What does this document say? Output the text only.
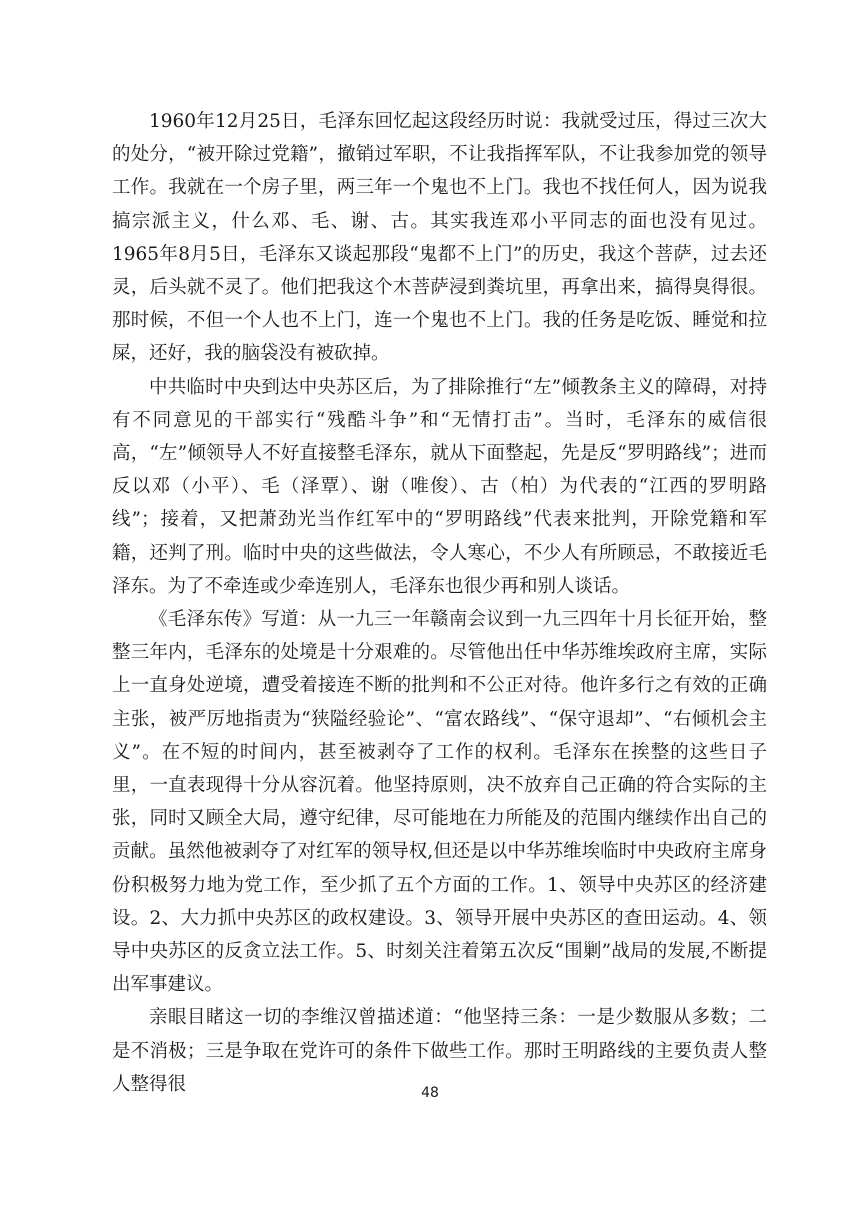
1960年12月25日，毛泽东回忆起这段经历时说：我就受过压，得过三次大的处分，“被开除过党籍”，撤销过军职，不让我指挥军队，不让我参加党的领导工作。我就在一个房子里，两三年一个鬼也不上门。我也不找任何人，因为说我搞宗派主义，什么邓、毛、谢、古。其实我连邓小平同志的面也没有见过。1965年8月5日，毛泽东又谈起那段“鬼都不上门”的历史，我这个菩萨，过去还灵，后头就不灵了。他们把我这个木菩萨浸到粪坑里，再拿出来，搞得臭得很。那时候，不但一个人也不上门，连一个鬼也不上门。我的任务是吃饭、睡觉和拉屎，还好，我的脑袋没有被砍掉。

中共临时中央到达中央苏区后，为了排除推行“左”倾教条主义的障碍，对持有不同意见的干部实行“残酷斗争”和“无情打击”。当时，毛泽东的威信很高，“左”倾领导人不好直接整毛泽东，就从下面整起，先是反“罗明路线”；进而反以邓（小平）、毛（泽覃）、谢（唯俊）、古（柏）为代表的“江西的罗明路线”；接着，又把萧劲光当作红军中的“罗明路线”代表来批判，开除党籍和军籍，还判了刑。临时中央的这些做法，令人寒心，不少人有所顾忌，不敢接近毛泽东。为了不牵连或少牵连别人，毛泽东也很少再和别人谈话。

《毛泽东传》写道：从一九三一年赣南会议到一九三四年十月长征开始，整整三年内，毛泽东的处境是十分艰难的。尽管他出任中华苏维埃政府主席，实际上一直身处逆境，遭受着接连不断的批判和不公正对待。他许多行之有效的正确主张，被严厉地指责为“狭隘经验论”、“富农路线”、“保守退却”、“右倾机会主义”。在不短的时间内，甚至被剥夺了工作的权利。毛泽东在挨整的这些日子里，一直表现得十分从容沉着。他坚持原则，决不放弃自己正确的符合实际的主张，同时又顾全大局，遵守纪律，尽可能地在力所能及的范围内继续作出自己的贡献。虽然他被剥夺了对红军的领导权,但还是以中华苏维埃临时中央政府主席身份积极努力地为党工作，至少抓了五个方面的工作。1、领导中央苏区的经济建设。2、大力抓中央苏区的政权建设。3、领导开展中央苏区的查田运动。4、领导中央苏区的反贪立法工作。5、时刻关注着第五次反“围剿”战局的发展,不断提出军事建议。

亲眼目睹这一切的李维汉曾描述道：“他坚持三条：一是少数服从多数；二是不消极；三是争取在党许可的条件下做些工作。那时王明路线的主要负责人整人整得很	48
